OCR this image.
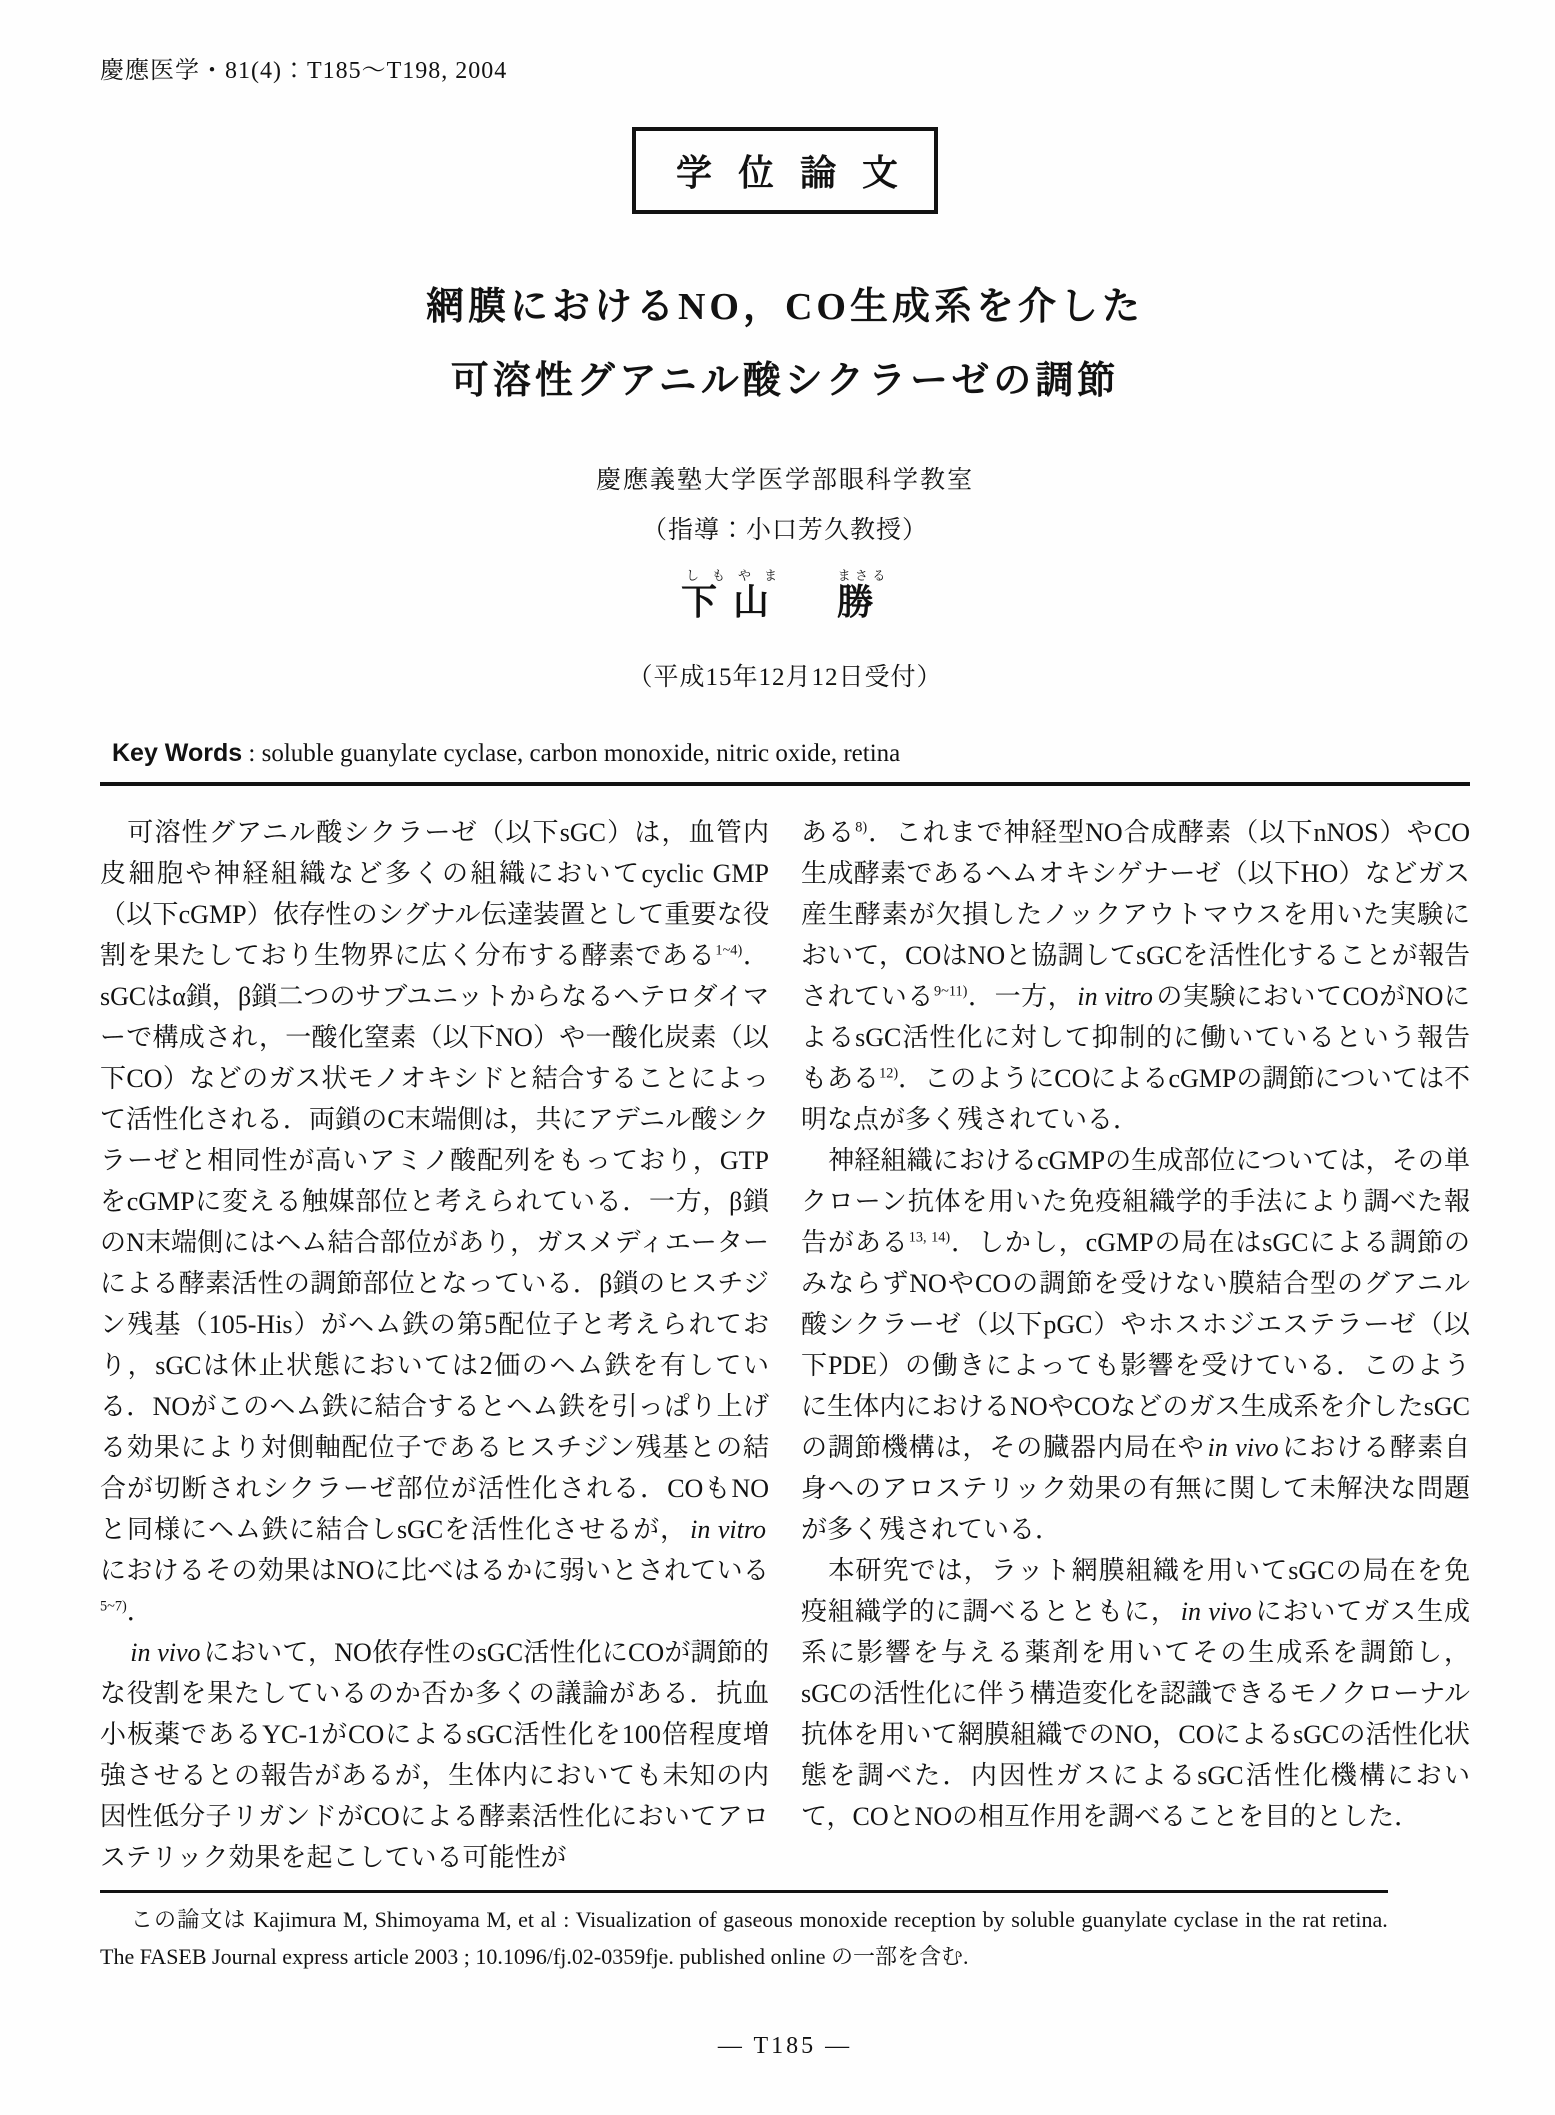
慶應医学・81(4)：T185～T198, 2004
学位論文
網膜におけるNO，CO生成系を介した
可溶性グアニル酸シクラーゼの調節
慶應義塾大学医学部眼科学教室
（指導：小口芳久教授）
下しも山やま　勝まさる
（平成15年12月12日受付）
Key Words : soluble guanylate cyclase, carbon monoxide, nitric oxide, retina

可溶性グアニル酸シクラーゼ（以下sGC）は，血管内皮細胞や神経組織など多くの組織においてcyclic GMP（以下cGMP）依存性のシグナル伝達装置として重要な役割を果たしており生物界に広く分布する酵素である$^{1\sim 4)}$．sGCはα鎖，β鎖二つのサブユニットからなるヘテロダイマーで構成され，一酸化窒素（以下NO）や一酸化炭素（以下CO）などのガス状モノオキシドと結合することによって活性化される．両鎖のC末端側は，共にアデニル酸シクラーゼと相同性が高いアミノ酸配列をもっており，GTPをcGMPに変える触媒部位と考えられている．一方，β鎖のN末端側にはヘム結合部位があり，ガスメディエーターによる酵素活性の調節部位となっている．β鎖のヒスチジン残基（105-His）がヘム鉄の第5配位子と考えられており，sGCは休止状態においては2価のヘム鉄を有している．NOがこのヘム鉄に結合するとヘム鉄を引っぱり上げる効果により対側軸配位子であるヒスチジン残基との結合が切断されシクラーゼ部位が活性化される．COもNOと同様にヘム鉄に結合しsGCを活性化させるが， in vitroにおけるその効果はNOに比べはるかに弱いとされている$^{5\sim 7)}$．

in vivo において，NO依存性のsGC活性化にCOが調節的な役割を果たしているのか否か多くの議論がある．抗血小板薬であるYC-1がCOによるsGC活性化を100倍程度増強させるとの報告があるが，生体内においても未知の内因性低分子リガンドがCOによる酵素活性化においてアロステリック効果を起こしている可能性が

ある$^{8)}$．これまで神経型NO合成酵素（以下nNOS）やCO生成酵素であるヘムオキシゲナーゼ（以下HO）などガス産生酵素が欠損したノックアウトマウスを用いた実験において，COはNOと協調してsGCを活性化することが報告されている$^{9\sim 11)}$．一方， in vitro の実験においてCOがNOによるsGC活性化に対して抑制的に働いているという報告もある$^{12)}$．このようにCOによるcGMPの調節については不明な点が多く残されている．

神経組織におけるcGMPの生成部位については，その単クローン抗体を用いた免疫組織学的手法により調べた報告がある$^{13, 14)}$．しかし，cGMPの局在はsGCによる調節のみならずNOやCOの調節を受けない膜結合型のグアニル酸シクラーゼ（以下pGC）やホスホジエステラーゼ（以下PDE）の働きによっても影響を受けている．このように生体内におけるNOやCOなどのガス生成系を介したsGCの調節機構は，その臓器内局在や in vivo における酵素自身へのアロステリック効果の有無に関して未解決な問題が多く残されている．

本研究では，ラット網膜組織を用いてsGCの局在を免疫組織学的に調べるとともに， in vivo においてガス生成系に影響を与える薬剤を用いてその生成系を調節し，sGCの活性化に伴う構造変化を認識できるモノクローナル抗体を用いて網膜組織でのNO，COによるsGCの活性化状態を調べた．内因性ガスによるsGC活性化機構において，COとNOの相互作用を調べることを目的とした．

この論文は Kajimura M, Shimoyama M, et al : Visualization of gaseous monoxide reception by soluble guanylate cyclase in the rat retina. The FASEB Journal express article 2003 ; 10.1096/fj.02-0359fje. published online の一部を含む.

— T185 —
